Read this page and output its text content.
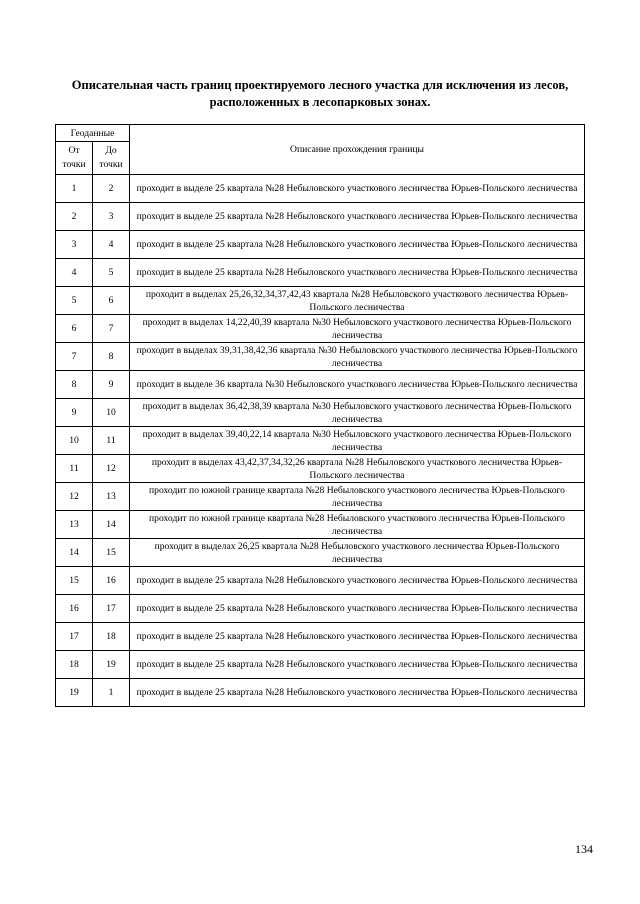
Описательная часть границ проектируемого лесного участка для исключения из лесов, расположенных в лесопарковых зонах.
Геоданные		Описание прохождения границы
От точки	До точки	
1	2	проходит в выделе 25 квартала №28 Небыловского участкового лесничества Юрьев-Польского лесничества
2	3	проходит в выделе 25 квартала №28 Небыловского участкового лесничества Юрьев-Польского лесничества
3	4	проходит в выделе 25 квартала №28 Небыловского участкового лесничества Юрьев-Польского лесничества
4	5	проходит в выделе 25 квартала №28 Небыловского участкового лесничества Юрьев-Польского лесничества
5	6	проходит в выделах 25,26,32,34,37,42,43 квартала №28 Небыловского участкового лесничества Юрьев-Польского лесничества
6	7	проходит в выделах 14,22,40,39 квартала №30 Небыловского участкового лесничества Юрьев-Польского лесничества
7	8	проходит в выделах 39,31,38,42,36 квартала №30 Небыловского участкового лесничества Юрьев-Польского лесничества
8	9	проходит в выделе 36 квартала №30 Небыловского участкового лесничества Юрьев-Польского лесничества
9	10	проходит в выделах 36,42,38,39 квартала №30 Небыловского участкового лесничества Юрьев-Польского лесничества
10	11	проходит в выделах 39,40,22,14 квартала №30 Небыловского участкового лесничества Юрьев-Польского лесничества
11	12	проходит в выделах 43,42,37,34,32,26 квартала №28 Небыловского участкового лесничества Юрьев-Польского лесничества
12	13	проходит по южной границе квартала №28 Небыловского участкового лесничества Юрьев-Польского лесничества
13	14	проходит по южной границе квартала №28 Небыловского участкового лесничества Юрьев-Польского лесничества
14	15	проходит в выделах 26,25 квартала №28 Небыловского участкового лесничества Юрьев-Польского лесничества
15	16	проходит в выделе 25 квартала №28 Небыловского участкового лесничества Юрьев-Польского лесничества
16	17	проходит в выделе 25 квартала №28 Небыловского участкового лесничества Юрьев-Польского лесничества
17	18	проходит в выделе 25 квартала №28 Небыловского участкового лесничества Юрьев-Польского лесничества
18	19	проходит в выделе 25 квартала №28 Небыловского участкового лесничества Юрьев-Польского лесничества
19	1	проходит в выделе 25 квартала №28 Небыловского участкового лесничества Юрьев-Польского лесничества
134
